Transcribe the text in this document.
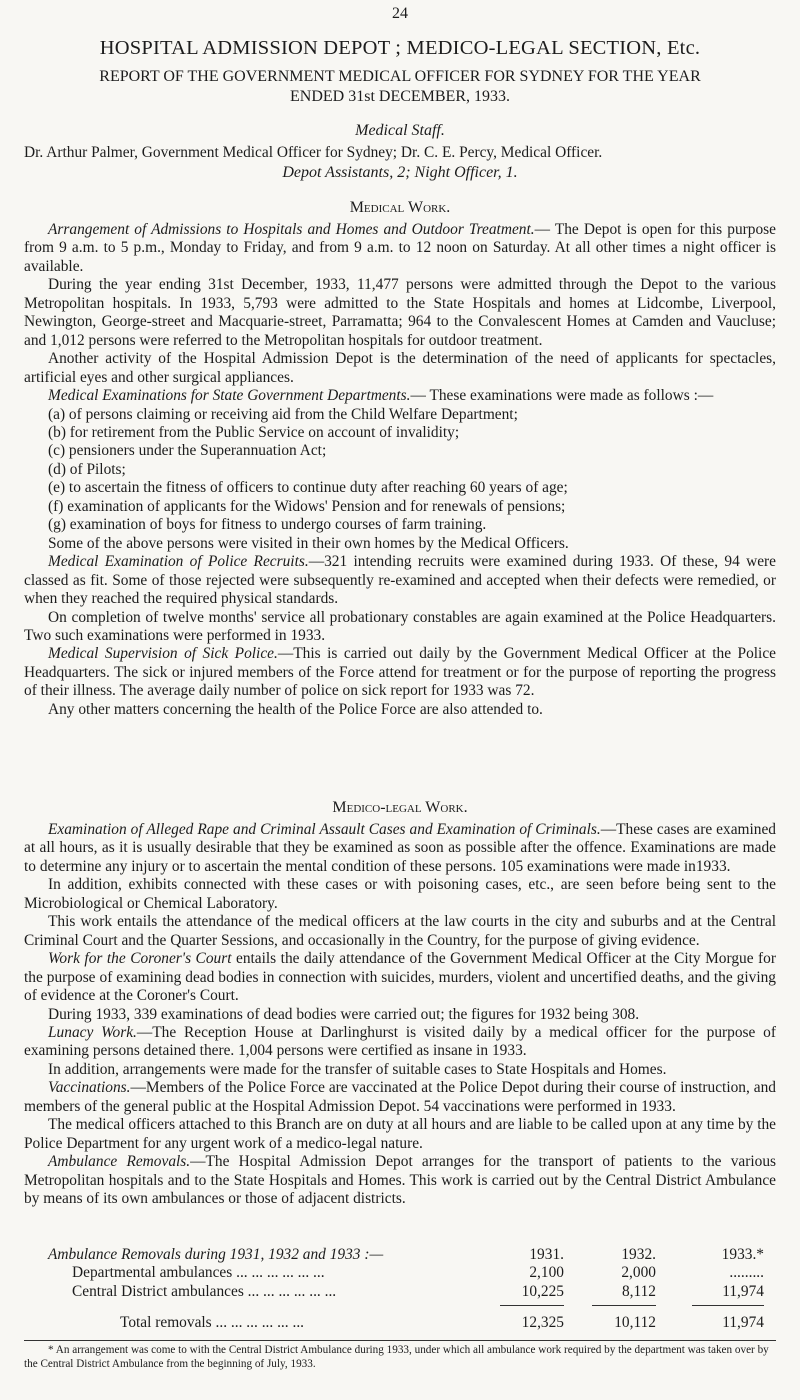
24
HOSPITAL ADMISSION DEPOT ; MEDICO-LEGAL SECTION, Etc.
REPORT OF THE GOVERNMENT MEDICAL OFFICER FOR SYDNEY FOR THE YEAR
ENDED 31st DECEMBER, 1933.
Medical Staff.
Dr. Arthur Palmer, Government Medical Officer for Sydney; Dr. C. E. Percy, Medical Officer.
Depot Assistants, 2; Night Officer, 1.
Medical Work.

Arrangement of Admissions to Hospitals and Homes and Outdoor Treatment.— The Depot is open for this purpose from 9 a.m. to 5 p.m., Monday to Friday, and from 9 a.m. to 12 noon on Saturday. At all other times a night officer is available.

During the year ending 31st December, 1933, 11,477 persons were admitted through the Depot to the various Metropolitan hospitals. In 1933, 5,793 were admitted to the State Hospitals and homes at Lidcombe, Liverpool, Newington, George-street and Macquarie-street, Parramatta; 964 to the Convalescent Homes at Camden and Vaucluse; and 1,012 persons were referred to the Metropolitan hospitals for outdoor treatment.

Another activity of the Hospital Admission Depot is the determination of the need of applicants for spectacles, artificial eyes and other surgical appliances.

Medical Examinations for State Government Departments.— These examinations were made as follows :—

(a) of persons claiming or receiving aid from the Child Welfare Department;

(b) for retirement from the Public Service on account of invalidity;

(c) pensioners under the Superannuation Act;

(d) of Pilots;

(e) to ascertain the fitness of officers to continue duty after reaching 60 years of age;

(f) examination of applicants for the Widows' Pension and for renewals of pensions;

(g) examination of boys for fitness to undergo courses of farm training.

Some of the above persons were visited in their own homes by the Medical Officers.

Medical Examination of Police Recruits.—321 intending recruits were examined during 1933. Of these, 94 were classed as fit. Some of those rejected were subsequently re-examined and accepted when their defects were remedied, or when they reached the required physical standards.

On completion of twelve months' service all probationary constables are again examined at the Police Headquarters. Two such examinations were performed in 1933.

Medical Supervision of Sick Police.—This is carried out daily by the Government Medical Officer at the Police Headquarters. The sick or injured members of the Force attend for treatment or for the purpose of reporting the progress of their illness. The average daily number of police on sick report for 1933 was 72.

Any other matters concerning the health of the Police Force are also attended to.

Medico-legal Work.

Examination of Alleged Rape and Criminal Assault Cases and Examination of Criminals.—These cases are examined at all hours, as it is usually desirable that they be examined as soon as possible after the offence. Examinations are made to determine any injury or to ascertain the mental condition of these persons. 105 examinations were made in1933.

In addition, exhibits connected with these cases or with poisoning cases, etc., are seen before being sent to the Microbiological or Chemical Laboratory.

This work entails the attendance of the medical officers at the law courts in the city and suburbs and at the Central Criminal Court and the Quarter Sessions, and occasionally in the Country, for the purpose of giving evidence.

Work for the Coroner's Court entails the daily attendance of the Government Medical Officer at the City Morgue for the purpose of examining dead bodies in connection with suicides, murders, violent and uncertified deaths, and the giving of evidence at the Coroner's Court.

During 1933, 339 examinations of dead bodies were carried out; the figures for 1932 being 308.

Lunacy Work.—The Reception House at Darlinghurst is visited daily by a medical officer for the purpose of examining persons detained there. 1,004 persons were certified as insane in 1933.

In addition, arrangements were made for the transfer of suitable cases to State Hospitals and Homes.

Vaccinations.—Members of the Police Force are vaccinated at the Police Depot during their course of instruction, and members of the general public at the Hospital Admission Depot. 54 vaccinations were performed in 1933.

The medical officers attached to this Branch are on duty at all hours and are liable to be called upon at any time by the Police Department for any urgent work of a medico-legal nature.

Ambulance Removals.—The Hospital Admission Depot arranges for the transport of patients to the various Metropolitan hospitals and to the State Hospitals and Homes. This work is carried out by the Central District Ambulance by means of its own ambulances or those of adjacent districts.

Ambulance Removals during 1931, 1932 and 1933 :—	1931.	1932.	1933.*
Departmental ambulances ... ... ... ... ... ...	2,100	2,000	.........
Central District ambulances ... ... ... ... ... ...	10,225	8,112	11,974
Total removals ... ... ... ... ... ...	12,325	10,112	11,974

* An arrangement was come to with the Central District Ambulance during 1933, under which all ambulance work required by the department was taken over by the Central District Ambulance from the beginning of July, 1933.
